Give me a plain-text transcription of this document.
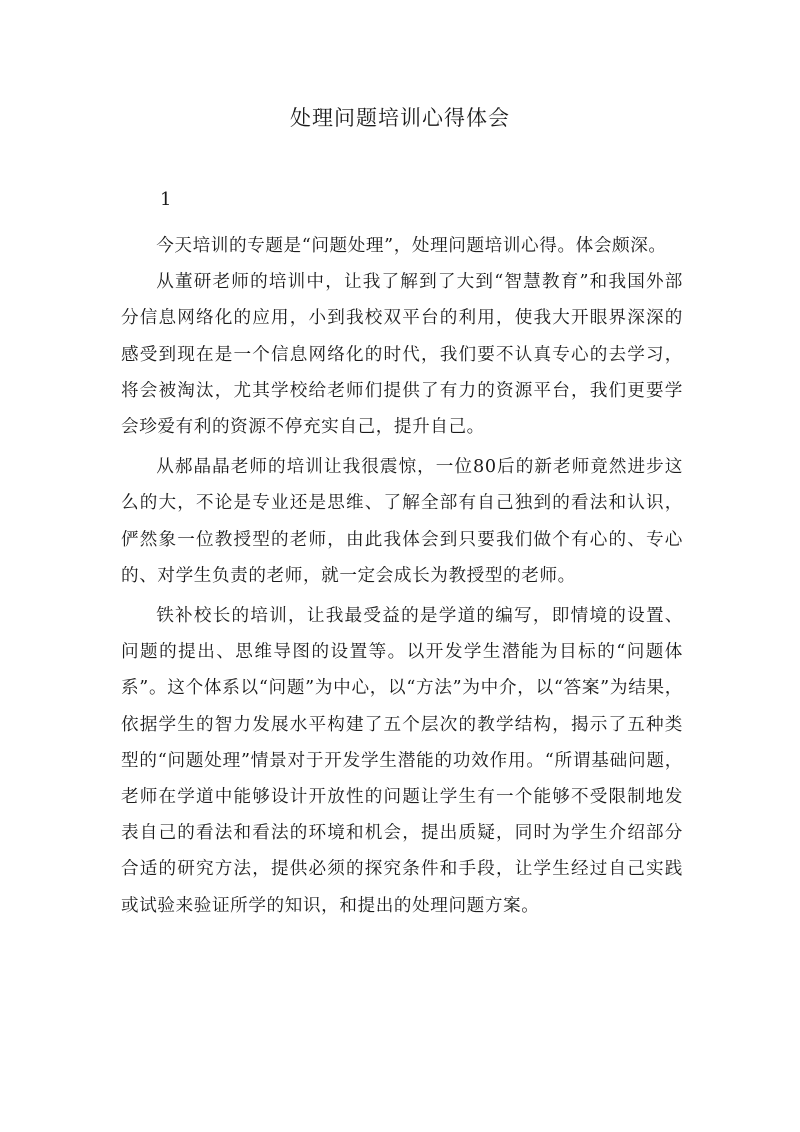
处理问题培训心得体会
1

今天培训的专题是“问题处理”，处理问题培训心得。体会颇深。

从董研老师的培训中，让我了解到了大到“智慧教育”和我国外部分信息网络化的应用，小到我校双平台的利用，使我大开眼界深深的感受到现在是一个信息网络化的时代，我们要不认真专心的去学习，将会被淘汰，尤其学校给老师们提供了有力的资源平台，我们更要学会珍爱有利的资源不停充实自己，提升自己。

从郝晶晶老师的培训让我很震惊，一位80后的新老师竟然进步这么的大，不论是专业还是思维、了解全部有自己独到的看法和认识，俨然象一位教授型的老师，由此我体会到只要我们做个有心的、专心的、对学生负责的老师，就一定会成长为教授型的老师。

铁补校长的培训，让我最受益的是学道的编写，即情境的设置、问题的提出、思维导图的设置等。以开发学生潜能为目标的“问题体系”。这个体系以“问题”为中心，以“方法”为中介，以“答案”为结果，依据学生的智力发展水平构建了五个层次的教学结构，揭示了五种类型的“问题处理”情景对于开发学生潜能的功效作用。“所谓基础问题，老师在学道中能够设计开放性的问题让学生有一个能够不受限制地发表自己的看法和看法的环境和机会，提出质疑，同时为学生介绍部分合适的研究方法，提供必须的探究条件和手段，让学生经过自己实践或试验来验证所学的知识，和提出的处理问题方案。
